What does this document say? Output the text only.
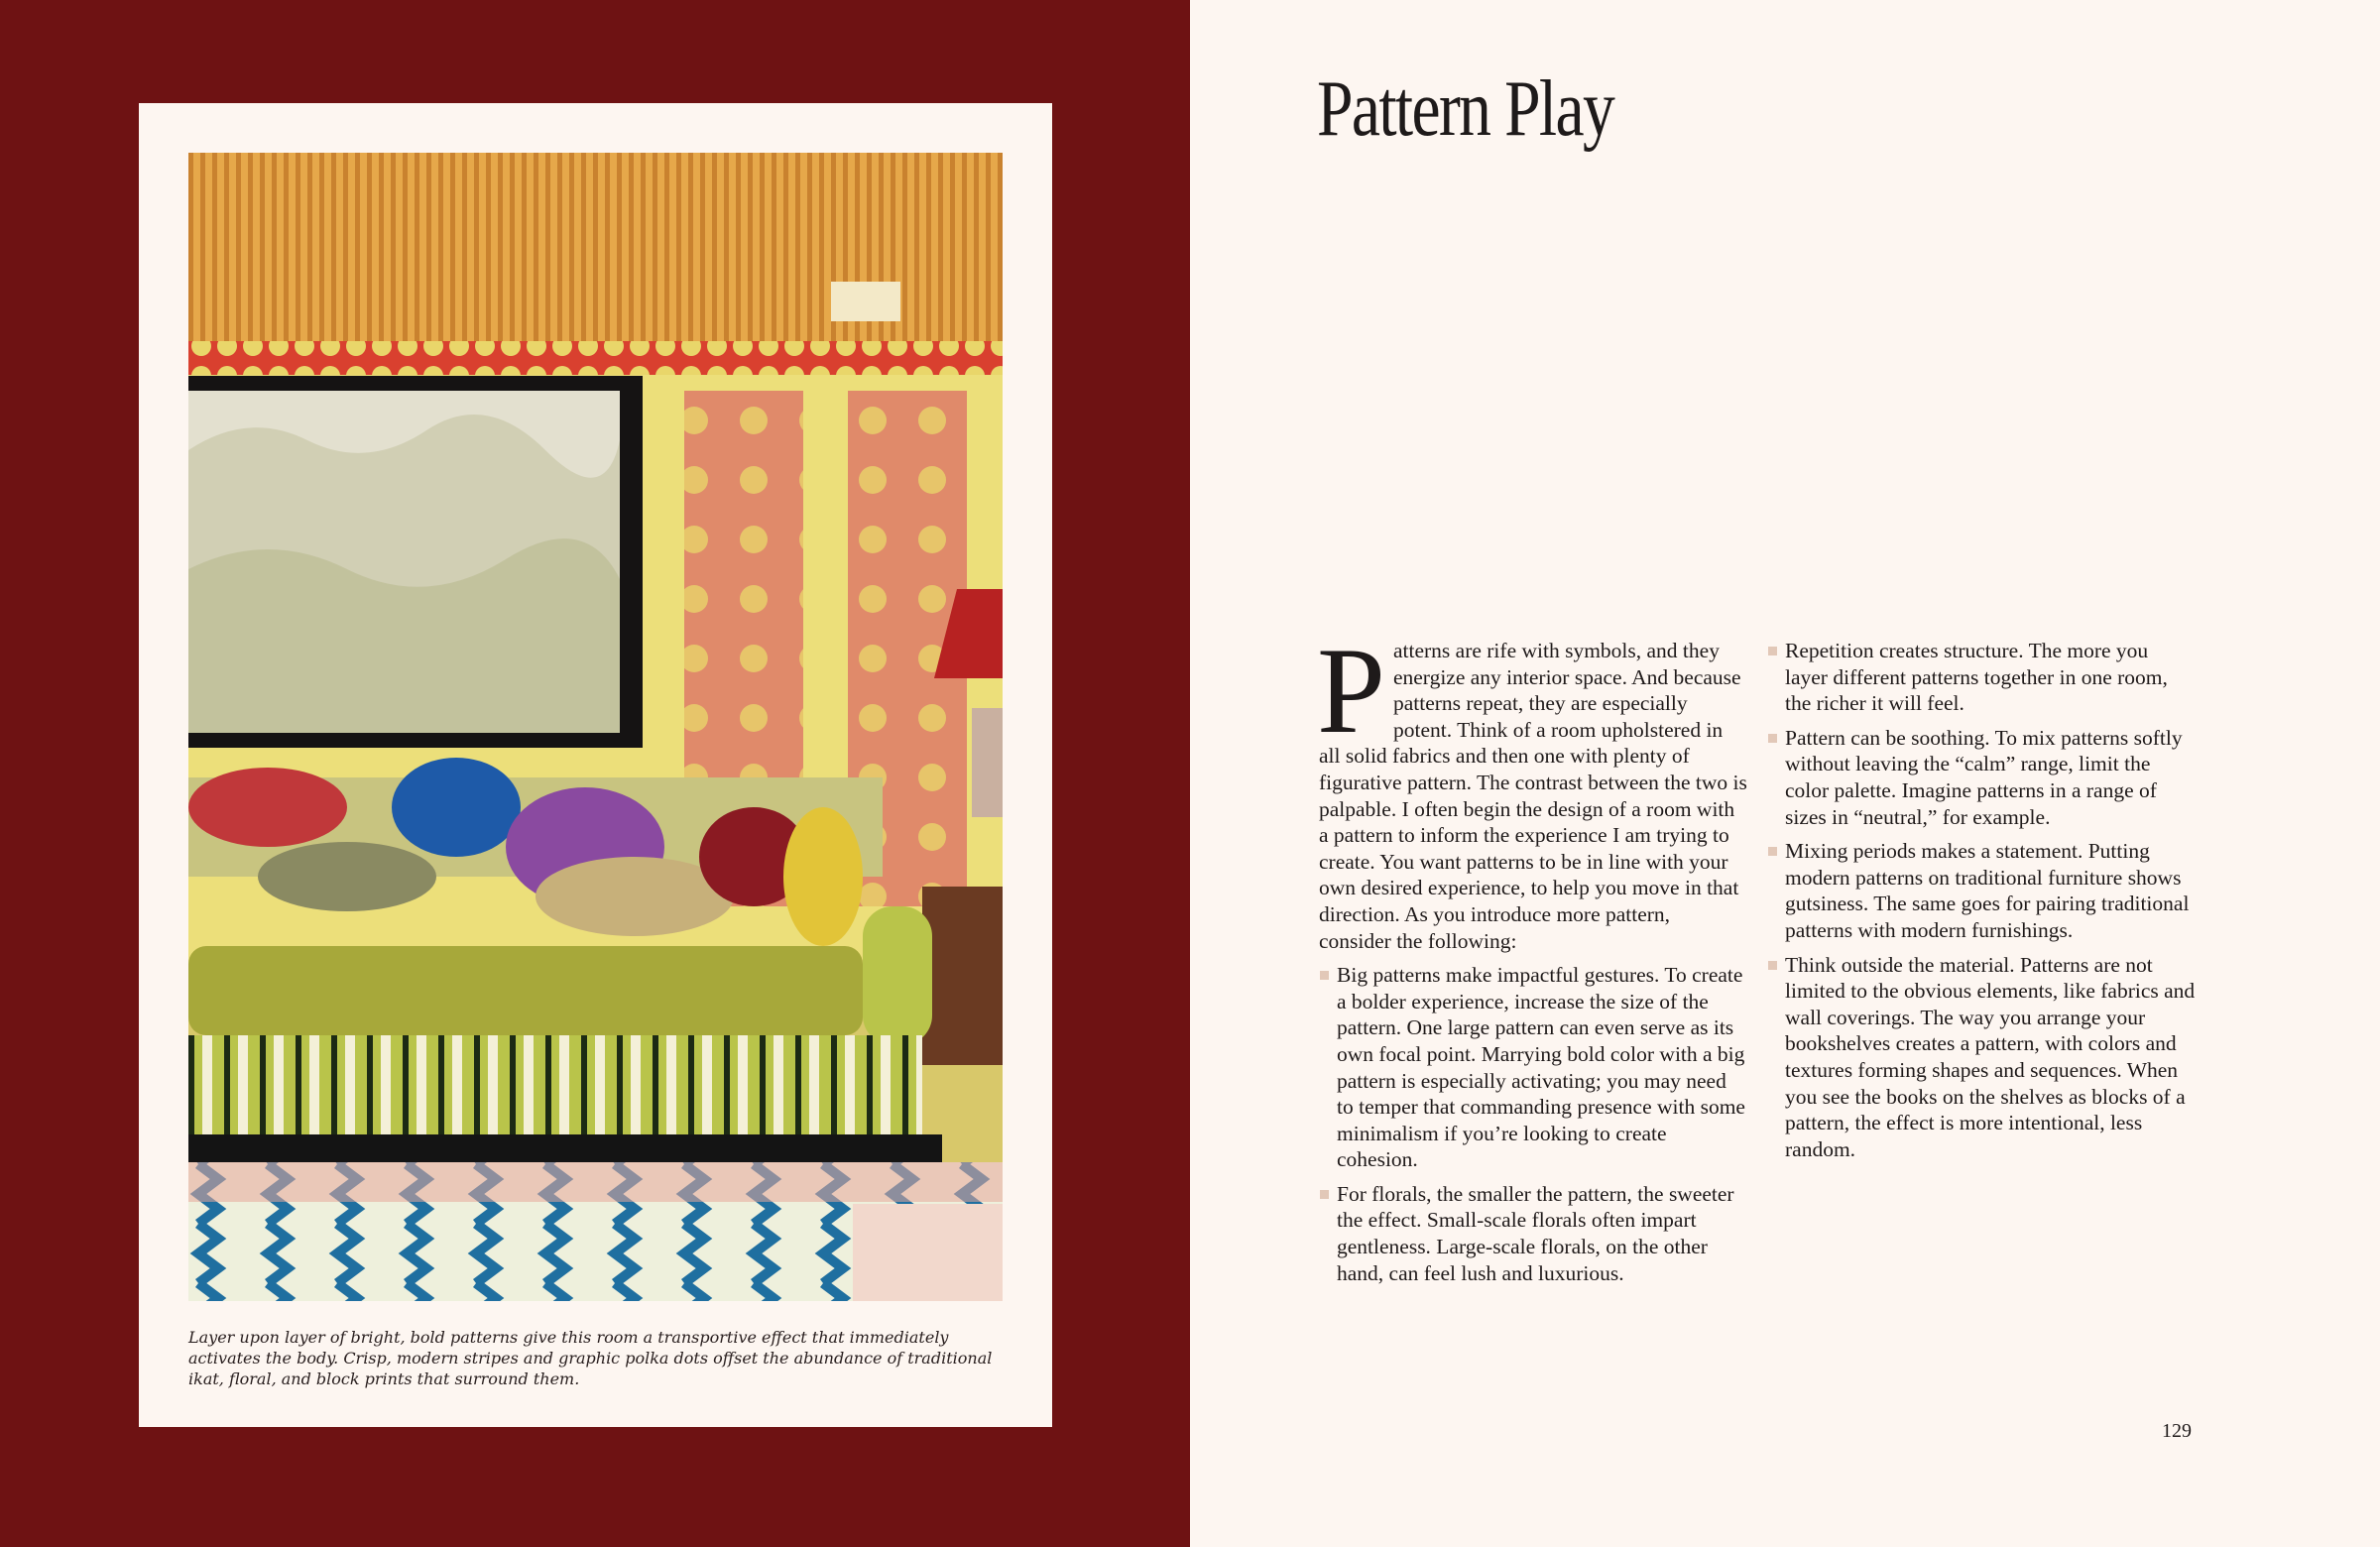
Layer upon layer of bright, bold patterns give this room a transportive effect that immediately activates the body. Crisp, modern stripes and graphic polka dots offset the abundance of traditional ikat, floral, and block prints that surround them.
Pattern Play

Patterns are rife with symbols, and they energize any interior space. And because patterns repeat, they are especially potent. Think of a room upholstered in all solid fabrics and then one with plenty of figurative pattern. The contrast between the two is palpable. I often begin the design of a room with a pattern to inform the experience I am trying to create. You want patterns to be in line with your own desired experience, to help you move in that direction. As you introduce more pattern, consider the following:

Big patterns make impactful gestures. To create a bolder experience, increase the size of the pattern. One large pattern can even serve as its own focal point. Marrying bold color with a big pattern is especially activating; you may need to temper that commanding presence with some minimalism if you’re looking to create cohesion.
For florals, the smaller the pattern, the sweeter the effect. Small-scale florals often impart gentleness. Large-scale florals, on the other hand, can feel lush and luxurious.
Repetition creates structure. The more you layer different patterns together in one room, the richer it will feel.
Pattern can be soothing. To mix patterns softly without leaving the “calm” range, limit the color palette. Imagine patterns in a range of sizes in “neutral,” for example.
Mixing periods makes a statement. Putting modern patterns on traditional furniture shows gutsiness. The same goes for pairing traditional patterns with modern furnishings.
Think outside the material. Patterns are not limited to the obvious elements, like fabrics and wall coverings. The way you arrange your bookshelves creates a pattern, with colors and textures forming shapes and sequences. When you see the books on the shelves as blocks of a pattern, the effect is more intentional, less random.
129
